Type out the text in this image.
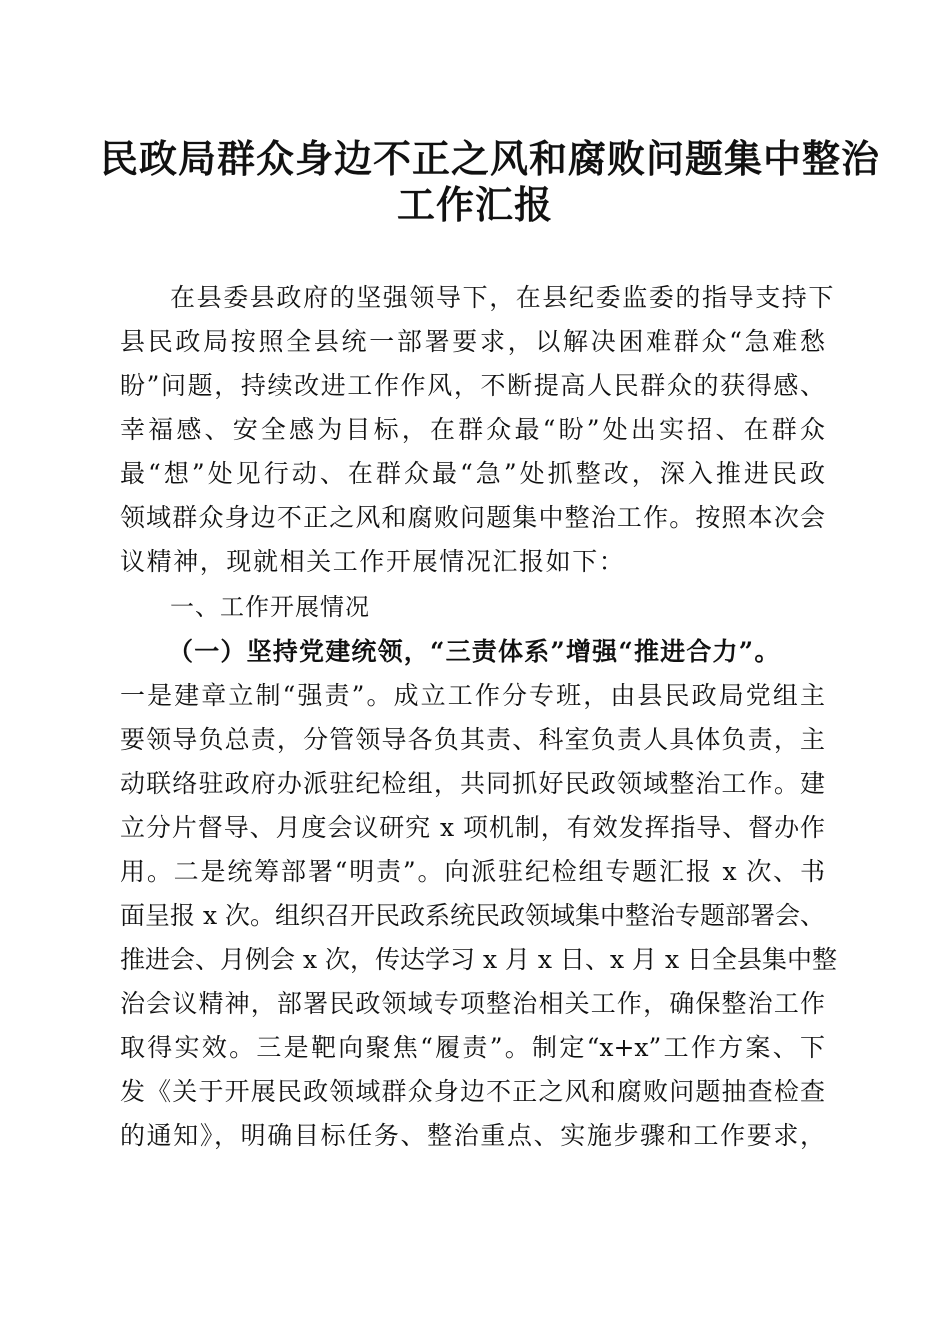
民政局群众身边不正之风和腐败问题集中整治
工作汇报
在县委县政府的坚强领导下，在县纪委监委的指导支持下
县民政局按照全县统一部署要求，以解决困难群众“急难愁
盼”问题，持续改进工作作风，不断提高人民群众的获得感、
幸福感、安全感为目标，在群众最“盼”处出实招、在群众
最“想”处见行动、在群众最“急”处抓整改，深入推进民政
领域群众身边不正之风和腐败问题集中整治工作。按照本次会
议精神，现就相关工作开展情况汇报如下：
一、工作开展情况
（一）坚持党建统领，“三责体系”增强“推进合力”。
一是建章立制“强责”。成立工作分专班，由县民政局党组主
要领导负总责，分管领导各负其责、科室负责人具体负责，主
动联络驻政府办派驻纪检组，共同抓好民政领域整治工作。建
立分片督导、月度会议研究 x 项机制，有效发挥指导、督办作
用。二是统筹部署“明责”。向派驻纪检组专题汇报 x 次、书
面呈报 x 次。组织召开民政系统民政领域集中整治专题部署会、
推进会、月例会 x 次，传达学习 x 月 x 日、x 月 x 日全县集中整
治会议精神，部署民政领域专项整治相关工作，确保整治工作
取得实效。三是靶向聚焦“履责”。制定“x+x”工作方案、下
发《关于开展民政领域群众身边不正之风和腐败问题抽查检查
的通知》，明确目标任务、整治重点、实施步骤和工作要求，
